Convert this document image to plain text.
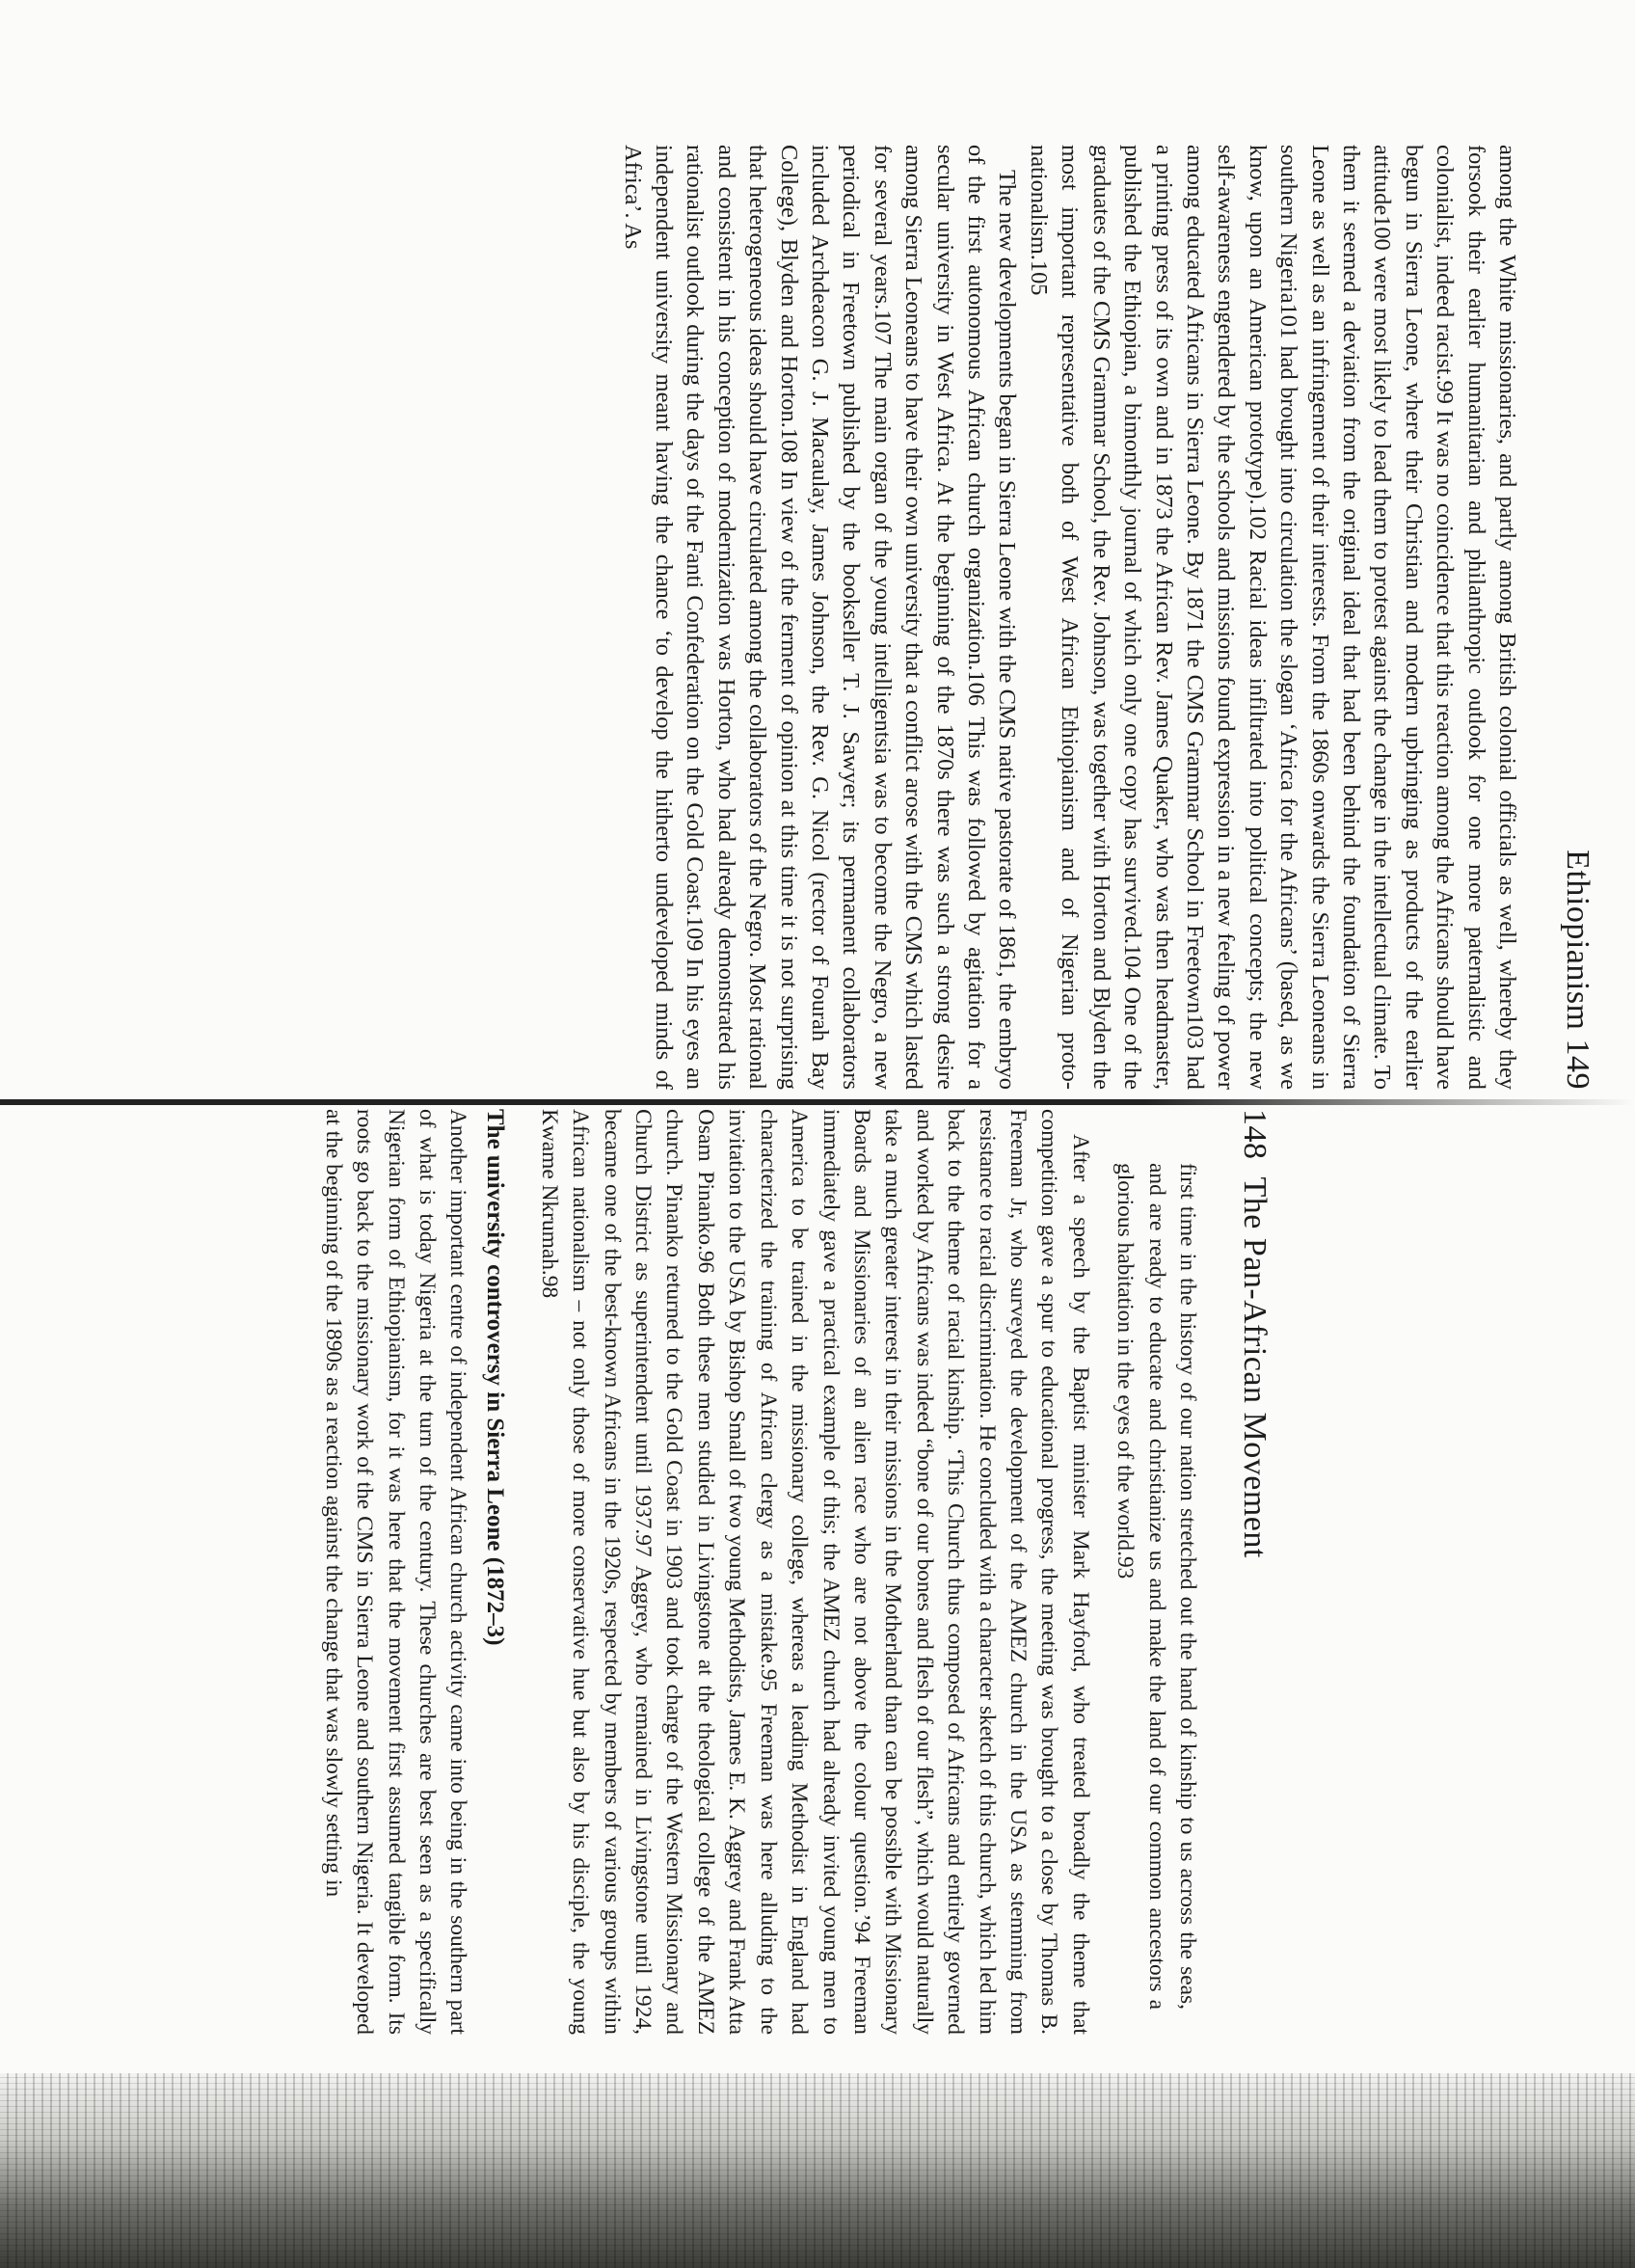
148  The Pan-African Movement

first time in the history of our nation stretched out the hand of kinship to us across the seas, and are ready to educate and christianize us and make the land of our common ancestors a glorious habitation in the eyes of the world.93

After a speech by the Baptist minister Mark Hayford, who treated broadly the theme that competition gave a spur to educational progress, the meeting was brought to a close by Thomas B. Freeman Jr, who surveyed the development of the AMEZ church in the USA as stemming from resistance to racial discrimination. He concluded with a character sketch of this church, which led him back to the theme of racial kinship. ‘This Church thus composed of Africans and entirely governed and worked by Africans was indeed “bone of our bones and flesh of our flesh”, which would naturally take a much greater interest in their missions in the Motherland than can be possible with Missionary Boards and Missionaries of an alien race who are not above the colour question.’94 Freeman immediately gave a practical example of this; the AMEZ church had already invited young men to America to be trained in the missionary college, whereas a leading Methodist in England had characterized the training of African clergy as a mistake.95 Freeman was here alluding to the invitation to the USA by Bishop Small of two young Methodists, James E. K. Aggrey and Frank Atta Osam Pinanko.96 Both these men studied in Livingstone at the theological college of the AMEZ church. Pinanko returned to the Gold Coast in 1903 and took charge of the Western Missionary and Church District as superintendent until 1937.97 Aggrey, who remained in Livingstone until 1924, became one of the best-known Africans in the 1920s, respected by members of various groups within African nationalism – not only those of more conservative hue but also by his disciple, the young Kwame Nkrumah.98

The university controversy in Sierra Leone (1872–3)

Another important centre of independent African church activity came into being in the southern part of what is today Nigeria at the turn of the century. These churches are best seen as a specifically Nigerian form of Ethiopianism, for it was here that the movement first assumed tangible form. Its roots go back to the missionary work of the CMS in Sierra Leone and southern Nigeria. It developed at the beginning of the 1890s as a reaction against the change that was slowly setting in

Ethiopianism 149

among the White missionaries, and partly among British colonial officials as well, whereby they forsook their earlier humanitarian and philanthropic outlook for one more paternalistic and colonialist, indeed racist.99 It was no coincidence that this reaction among the Africans should have begun in Sierra Leone, where their Christian and modern upbringing as products of the earlier attitude100 were most likely to lead them to protest against the change in the intellectual climate. To them it seemed a deviation from the original ideal that had been behind the foundation of Sierra Leone as well as an infringement of their interests. From the 1860s onwards the Sierra Leoneans in southern Nigeria101 had brought into circulation the slogan ‘Africa for the Africans’ (based, as we know, upon an American prototype).102 Racial ideas infiltrated into political concepts; the new self-awareness engendered by the schools and missions found expression in a new feeling of power among educated Africans in Sierra Leone. By 1871 the CMS Grammar School in Freetown103 had a printing press of its own and in 1873 the African Rev. James Quaker, who was then headmaster, published the Ethiopian, a bimonthly journal of which only one copy has survived.104 One of the graduates of the CMS Grammar School, the Rev. Johnson, was together with Horton and Blyden the most important representative both of West African Ethiopianism and of Nigerian proto-nationalism.105

The new developments began in Sierra Leone with the CMS native pastorate of 1861, the embryo of the first autonomous African church organization.106 This was followed by agitation for a secular university in West Africa. At the beginning of the 1870s there was such a strong desire among Sierra Leoneans to have their own university that a conflict arose with the CMS which lasted for several years.107 The main organ of the young intelligentsia was to become the Negro, a new periodical in Freetown published by the bookseller T. J. Sawyer; its permanent collaborators included Archdeacon G. J. Macaulay, James Johnson, the Rev. G. Nicol (rector of Fourah Bay College), Blyden and Horton.108 In view of the ferment of opinion at this time it is not surprising that heterogeneous ideas should have circulated among the collaborators of the Negro. Most rational and consistent in his conception of modernization was Horton, who had already demonstrated his rationalist outlook during the days of the Fanti Confederation on the Gold Coast.109 In his eyes an independent university meant having the chance ‘to develop the hitherto undeveloped minds of Africa’. As
